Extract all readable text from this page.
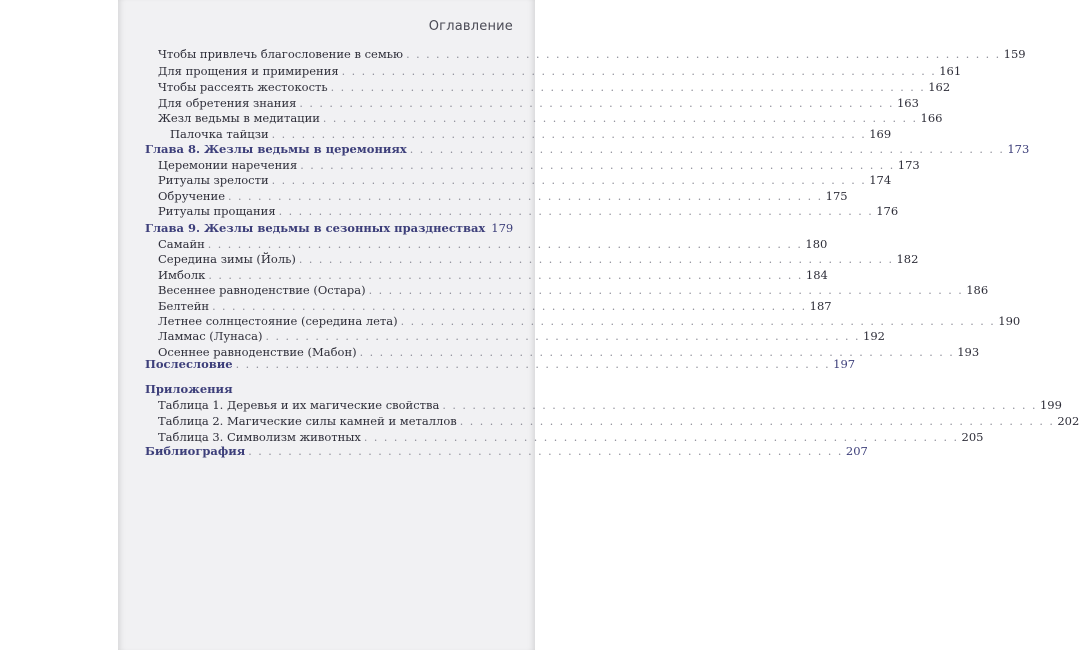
Оглавление
Чтобы привлечь благословение в семью . . . . . . . . . . . . . . . . . . . . . . . . . . . . . . . . . . . . . . . . . . . . . . . . . . . . . . . . . . . . 159
Для прощения и примирения . . . . . . . . . . . . . . . . . . . . . . . . . . . . . . . . . . . . . . . . . . . . . . . . . . . . . . . . . . . . 161
Чтобы рассеять жестокость . . . . . . . . . . . . . . . . . . . . . . . . . . . . . . . . . . . . . . . . . . . . . . . . . . . . . . . . . . . . 162
Для обретения знания . . . . . . . . . . . . . . . . . . . . . . . . . . . . . . . . . . . . . . . . . . . . . . . . . . . . . . . . . . . . 163
Жезл ведьмы в медитации . . . . . . . . . . . . . . . . . . . . . . . . . . . . . . . . . . . . . . . . . . . . . . . . . . . . . . . . . . . . 166
Палочка тайцзи . . . . . . . . . . . . . . . . . . . . . . . . . . . . . . . . . . . . . . . . . . . . . . . . . . . . . . . . . . . . 169
Глава 8. Жезлы ведьмы в церемониях . . . . . . . . . . . . . . . . . . . . . . . . . . . . . . . . . . . . . . . . . . . . . . . . . . . . . . . . . . . . 173
Церемонии наречения . . . . . . . . . . . . . . . . . . . . . . . . . . . . . . . . . . . . . . . . . . . . . . . . . . . . . . . . . . . . 173
Ритуалы зрелости . . . . . . . . . . . . . . . . . . . . . . . . . . . . . . . . . . . . . . . . . . . . . . . . . . . . . . . . . . . . 174
Обручение . . . . . . . . . . . . . . . . . . . . . . . . . . . . . . . . . . . . . . . . . . . . . . . . . . . . . . . . . . . . 175
Ритуалы прощания . . . . . . . . . . . . . . . . . . . . . . . . . . . . . . . . . . . . . . . . . . . . . . . . . . . . . . . . . . . . 176
Глава 9. Жезлы ведьмы в сезонных празднествах 179
Самайн . . . . . . . . . . . . . . . . . . . . . . . . . . . . . . . . . . . . . . . . . . . . . . . . . . . . . . . . . . . . 180
Середина зимы (Йоль) . . . . . . . . . . . . . . . . . . . . . . . . . . . . . . . . . . . . . . . . . . . . . . . . . . . . . . . . . . . . 182
Имболк . . . . . . . . . . . . . . . . . . . . . . . . . . . . . . . . . . . . . . . . . . . . . . . . . . . . . . . . . . . . 184
Весеннее равноденствие (Остара) . . . . . . . . . . . . . . . . . . . . . . . . . . . . . . . . . . . . . . . . . . . . . . . . . . . . . . . . . . . . 186
Белтейн . . . . . . . . . . . . . . . . . . . . . . . . . . . . . . . . . . . . . . . . . . . . . . . . . . . . . . . . . . . . 187
Летнее солнцестояние (середина лета) . . . . . . . . . . . . . . . . . . . . . . . . . . . . . . . . . . . . . . . . . . . . . . . . . . . . . . . . . . . . 190
Ламмас (Лунаса) . . . . . . . . . . . . . . . . . . . . . . . . . . . . . . . . . . . . . . . . . . . . . . . . . . . . . . . . . . . . 192
Осеннее равноденствие (Мабон) . . . . . . . . . . . . . . . . . . . . . . . . . . . . . . . . . . . . . . . . . . . . . . . . . . . . . . . . . . . . 193
Послесловие . . . . . . . . . . . . . . . . . . . . . . . . . . . . . . . . . . . . . . . . . . . . . . . . . . . . . . . . . . . . 197
Приложения
Таблица 1. Деревья и их магические свойства . . . . . . . . . . . . . . . . . . . . . . . . . . . . . . . . . . . . . . . . . . . . . . . . . . . . . . . . . . . . 199
Таблица 2. Магические силы камней и металлов . . . . . . . . . . . . . . . . . . . . . . . . . . . . . . . . . . . . . . . . . . . . . . . . . . . . . . . . . . . . 202
Таблица 3. Символизм животных . . . . . . . . . . . . . . . . . . . . . . . . . . . . . . . . . . . . . . . . . . . . . . . . . . . . . . . . . . . . 205
Библиография . . . . . . . . . . . . . . . . . . . . . . . . . . . . . . . . . . . . . . . . . . . . . . . . . . . . . . . . . . . . 207
